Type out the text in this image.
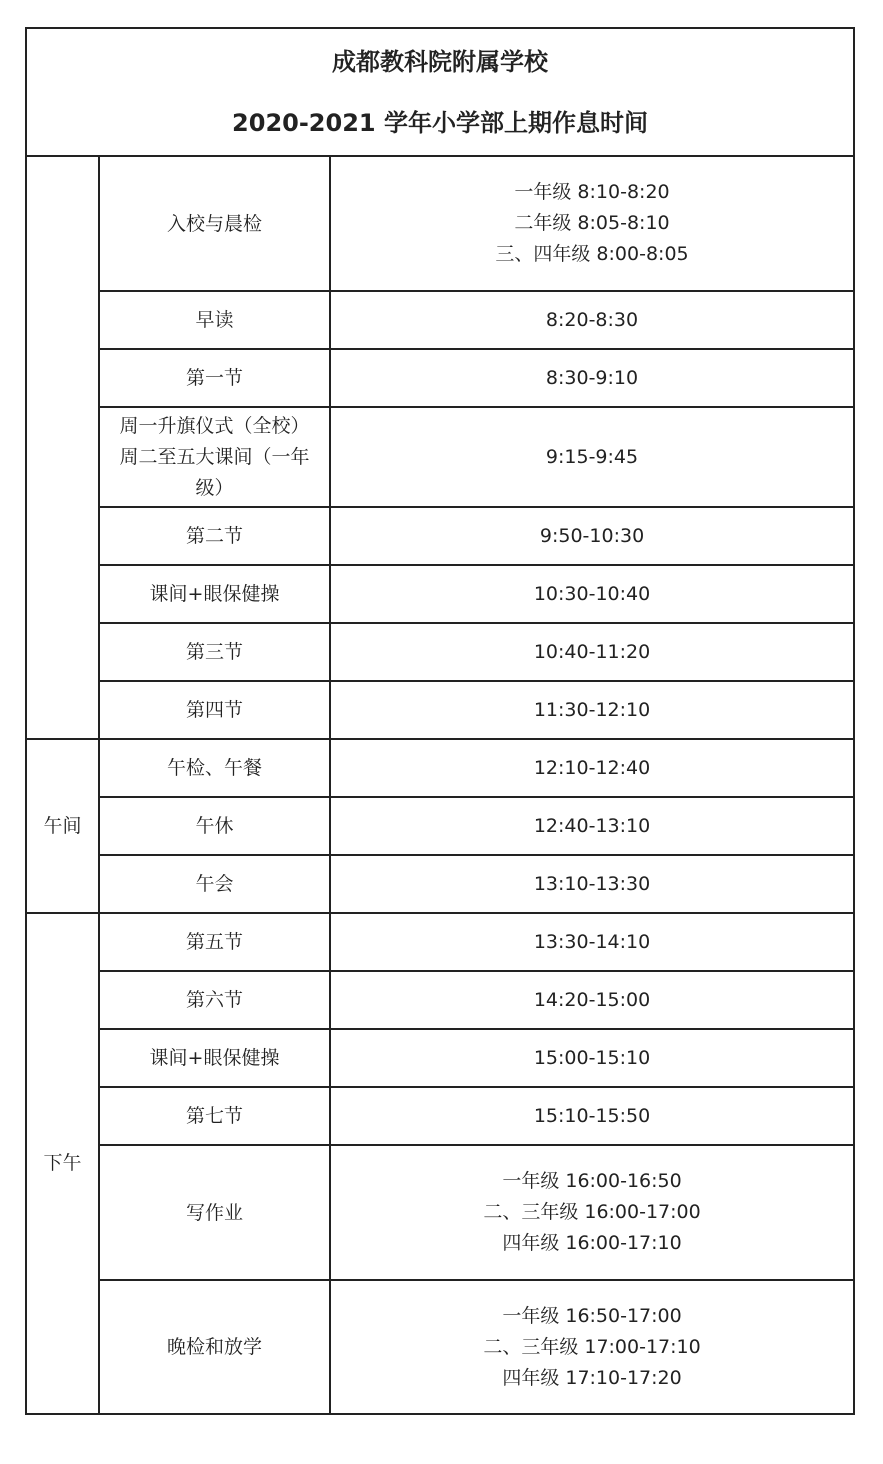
成都教科院附属学校
2020-2021 学年小学部上期作息时间		

	入校与晨检	一年级 8:10-8:20
二年级 8:05-8:10
三、四年级 8:00-8:05

	早读	8:20-8:30
	第一节	8:30-9:10

	周一升旗仪式（全校）周二至五大课间（一年级）	9:15-9:45
	第二节	9:50-10:30
	课间+眼保健操	10:30-10:40
	第三节	10:40-11:20
	第四节	11:30-12:10
午间	午检、午餐	12:10-12:40
	午休	12:40-13:10
	午会	13:10-13:30
下午	第五节	13:30-14:10
	第六节	14:20-15:00
	课间+眼保健操	15:00-15:10
	第七节	15:10-15:50
	写作业	一年级 16:00-16:50
二、三年级 16:00-17:00
四年级 16:00-17:10

	晚检和放学	一年级 16:50-17:00
二、三年级 17:00-17:10
四年级 17:10-17:20
